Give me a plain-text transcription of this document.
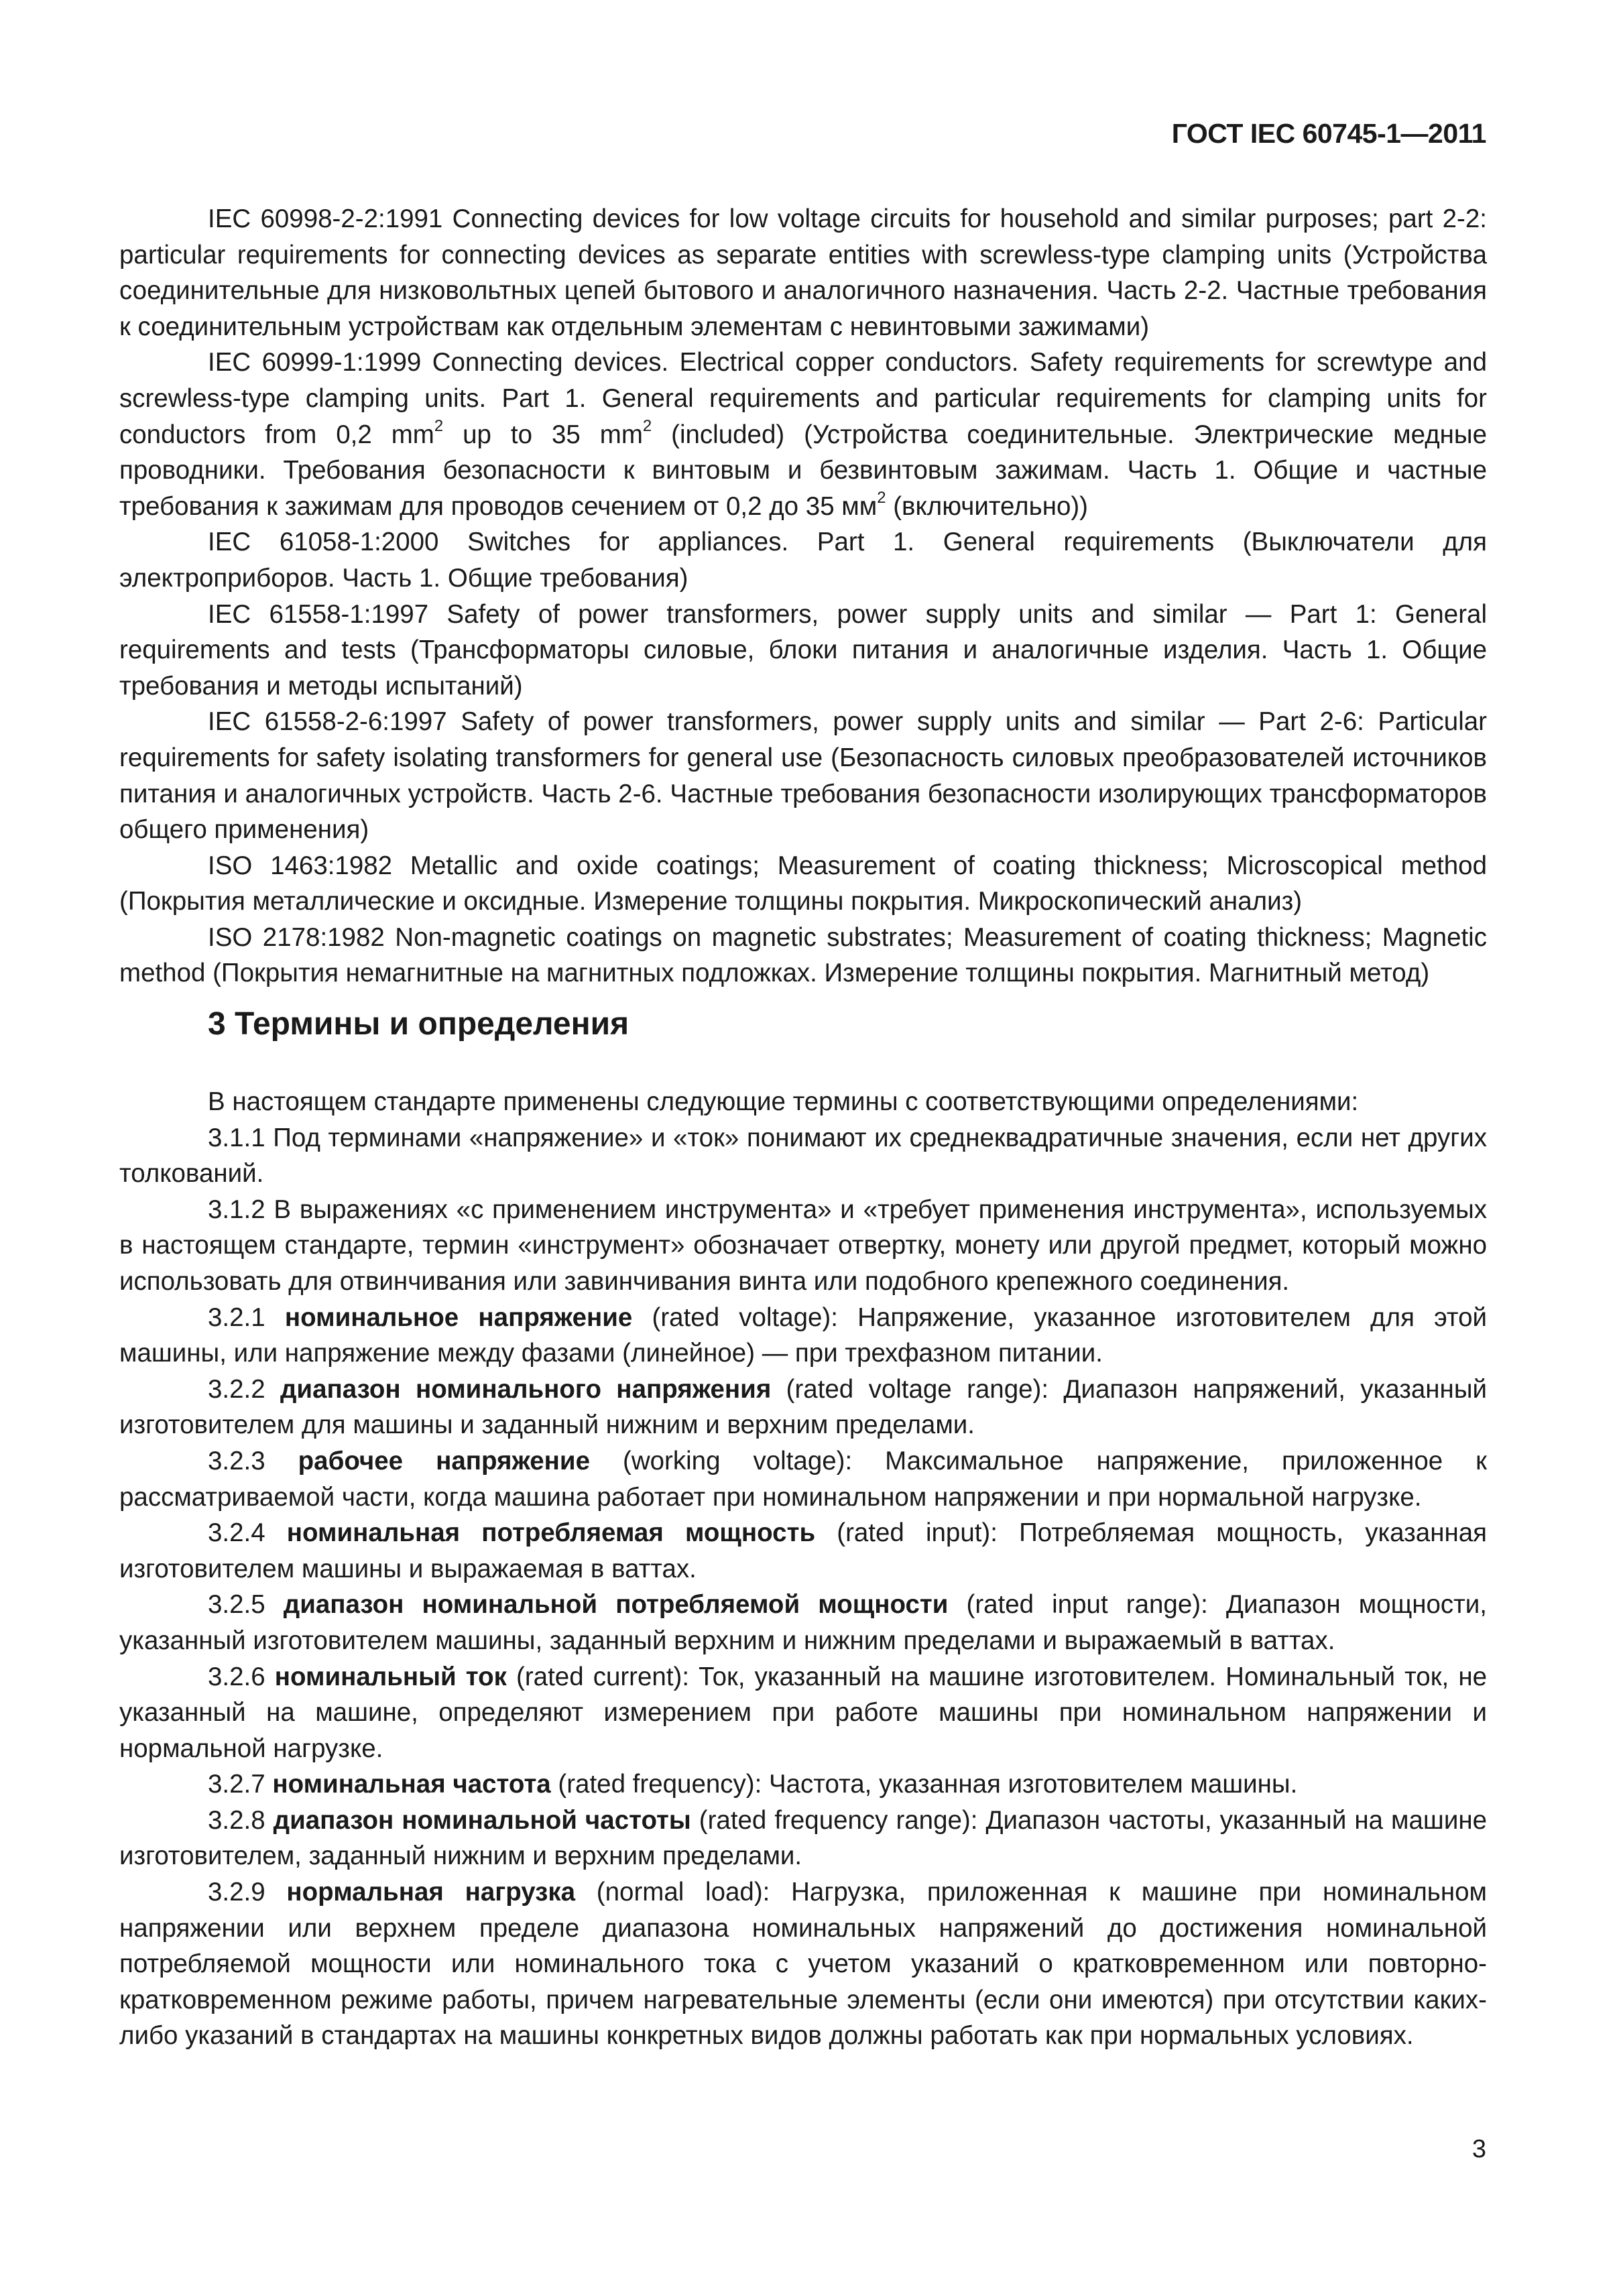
ГОСТ IEC 60745-1—2011

IEC 60998-2-2:1991 Connecting devices for low voltage circuits for household and similar purposes; part 2-2: particular requirements for connecting devices as separate entities with screwless-type clamping units (Устройства соединительные для низковольтных цепей бытового и аналогичного назначения. Часть 2-2. Частные требования к соединительным устройствам как отдельным элементам с невинтовыми зажимами)

IEC 60999-1:1999 Connecting devices. Electrical copper conductors. Safety requirements for screwtype and screwless-type clamping units. Part 1. General requirements and particular requirements for clamping units for conductors from 0,2 $mm^2$ up to 35 $mm^2$ (included) (Устройства соединительные. Электрические медные проводники. Требования безопасности к винтовым и безвинтовым зажимам. Часть 1. Общие и частные требования к зажимам для проводов сечением от 0,2 до 35 $мм^2$ (включительно))

IEC 61058-1:2000 Switches for appliances. Part 1. General requirements (Выключатели для электроприборов. Часть 1. Общие требования)

IEC 61558-1:1997 Safety of power transformers, power supply units and similar — Part 1: General requirements and tests (Трансформаторы силовые, блоки питания и аналогичные изделия. Часть 1. Общие требования и методы испытаний)

IEC 61558-2-6:1997 Safety of power transformers, power supply units and similar — Part 2-6: Particular requirements for safety isolating transformers for general use (Безопасность силовых преобразователей источников питания и аналогичных устройств. Часть 2-6. Частные требования безопасности изолирующих трансформаторов общего применения)

ISO 1463:1982 Metallic and oxide coatings; Measurement of coating thickness; Microscopical method (Покрытия металлические и оксидные. Измерение толщины покрытия. Микроскопический анализ)

ISO 2178:1982 Non-magnetic coatings on magnetic substrates; Measurement of coating thickness; Magnetic method (Покрытия немагнитные на магнитных подложках. Измерение толщины покрытия. Магнитный метод)

3 Термины и определения

В настоящем стандарте применены следующие термины с соответствующими определениями:

3.1.1 Под терминами «напряжение» и «ток» понимают их среднеквадратичные значения, если нет других толкований.

3.1.2 В выражениях «с применением инструмента» и «требует применения инструмента», используемых в настоящем стандарте, термин «инструмент» обозначает отвертку, монету или другой предмет, который можно использовать для отвинчивания или завинчивания винта или подобного крепежного соединения.

3.2.1 номинальное напряжение (rated voltage): Напряжение, указанное изготовителем для этой машины, или напряжение между фазами (линейное) — при трехфазном питании.

3.2.2 диапазон номинального напряжения (rated voltage range): Диапазон напряжений, указанный изготовителем для машины и заданный нижним и верхним пределами.

3.2.3 рабочее напряжение (working voltage): Максимальное напряжение, приложенное к рассматриваемой части, когда машина работает при номинальном напряжении и при нормальной нагрузке.

3.2.4 номинальная потребляемая мощность (rated input): Потребляемая мощность, указанная изготовителем машины и выражаемая в ваттах.

3.2.5 диапазон номинальной потребляемой мощности (rated input range): Диапазон мощности, указанный изготовителем машины, заданный верхним и нижним пределами и выражаемый в ваттах.

3.2.6 номинальный ток (rated current): Ток, указанный на машине изготовителем. Номинальный ток, не указанный на машине, определяют измерением при работе машины при номинальном напряжении и нормальной нагрузке.

3.2.7 номинальная частота (rated frequency): Частота, указанная изготовителем машины.

3.2.8 диапазон номинальной частоты (rated frequency range): Диапазон частоты, указанный на машине изготовителем, заданный нижним и верхним пределами.

3.2.9 нормальная нагрузка (normal load): Нагрузка, приложенная к машине при номинальном напряжении или верхнем пределе диапазона номинальных напряжений до достижения номинальной потребляемой мощности или номинального тока с учетом указаний о кратковременном или повторно-кратковременном режиме работы, причем нагревательные элементы (если они имеются) при отсутствии каких-либо указаний в стандартах на машины конкретных видов должны работать как при нормальных условиях.

3
